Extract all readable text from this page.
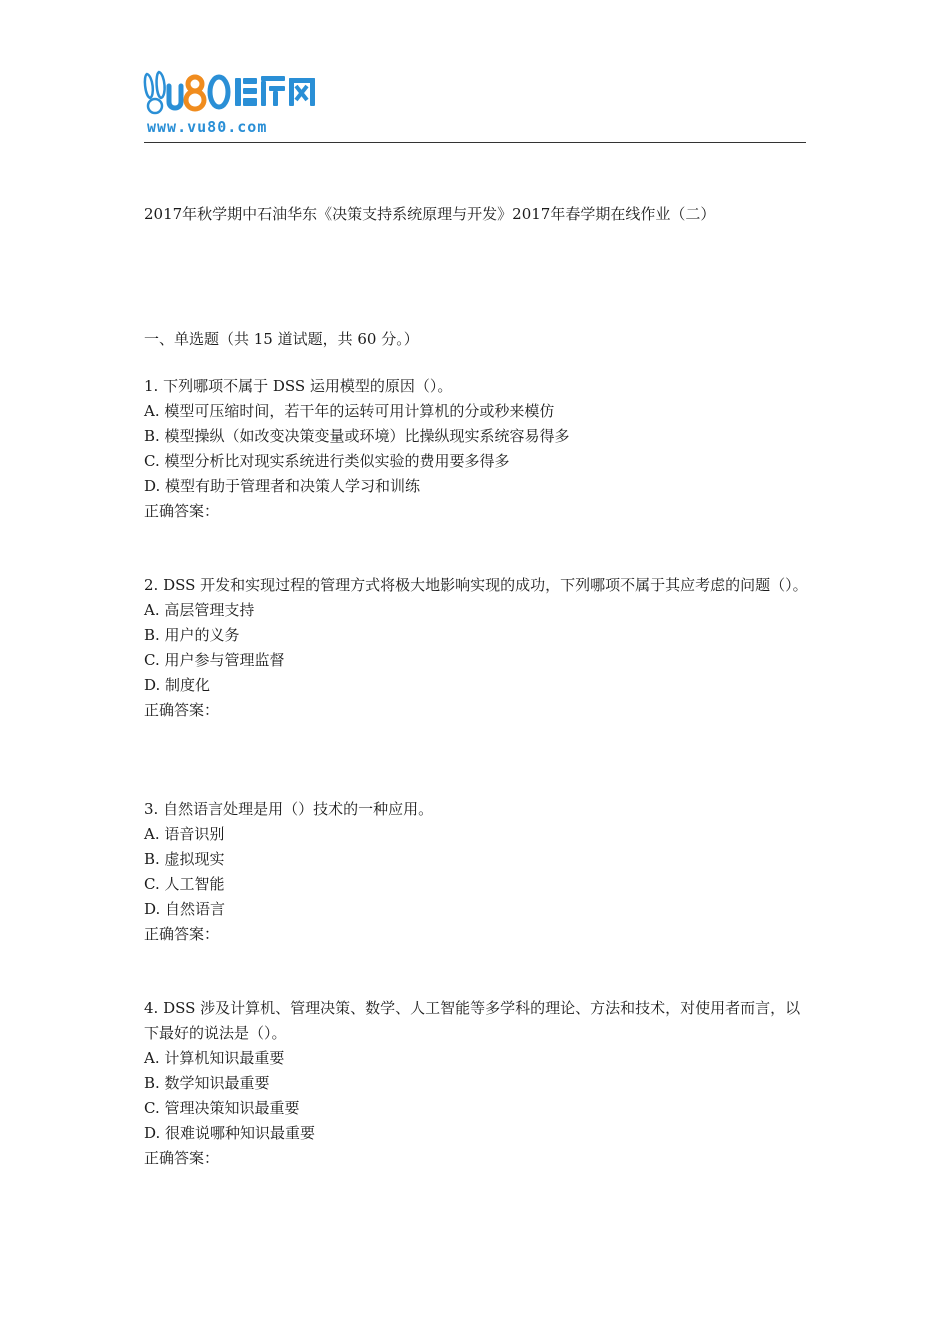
www.vu80.com
2017年秋学期中石油华东《决策支持系统原理与开发》2017年春学期在线作业（二）
一、单选题（共 15 道试题，共 60 分。）
1. 下列哪项不属于 DSS 运用模型的原因（）。
A. 模型可压缩时间，若干年的运转可用计算机的分或秒来模仿
B. 模型操纵（如改变决策变量或环境）比操纵现实系统容易得多
C. 模型分析比对现实系统进行类似实验的费用要多得多
D. 模型有助于管理者和决策人学习和训练
正确答案：
2. DSS 开发和实现过程的管理方式将极大地影响实现的成功，下列哪项不属于其应考虑的问题（）。
A. 高层管理支持
B. 用户的义务
C. 用户参与管理监督
D. 制度化
正确答案：
3. 自然语言处理是用（）技术的一种应用。
A. 语音识别
B. 虚拟现实
C. 人工智能
D. 自然语言
正确答案：
4. DSS 涉及计算机、管理决策、数学、人工智能等多学科的理论、方法和技术，对使用者而言，以下最好的说法是（）。
A. 计算机知识最重要
B. 数学知识最重要
C. 管理决策知识最重要
D. 很难说哪种知识最重要
正确答案：
